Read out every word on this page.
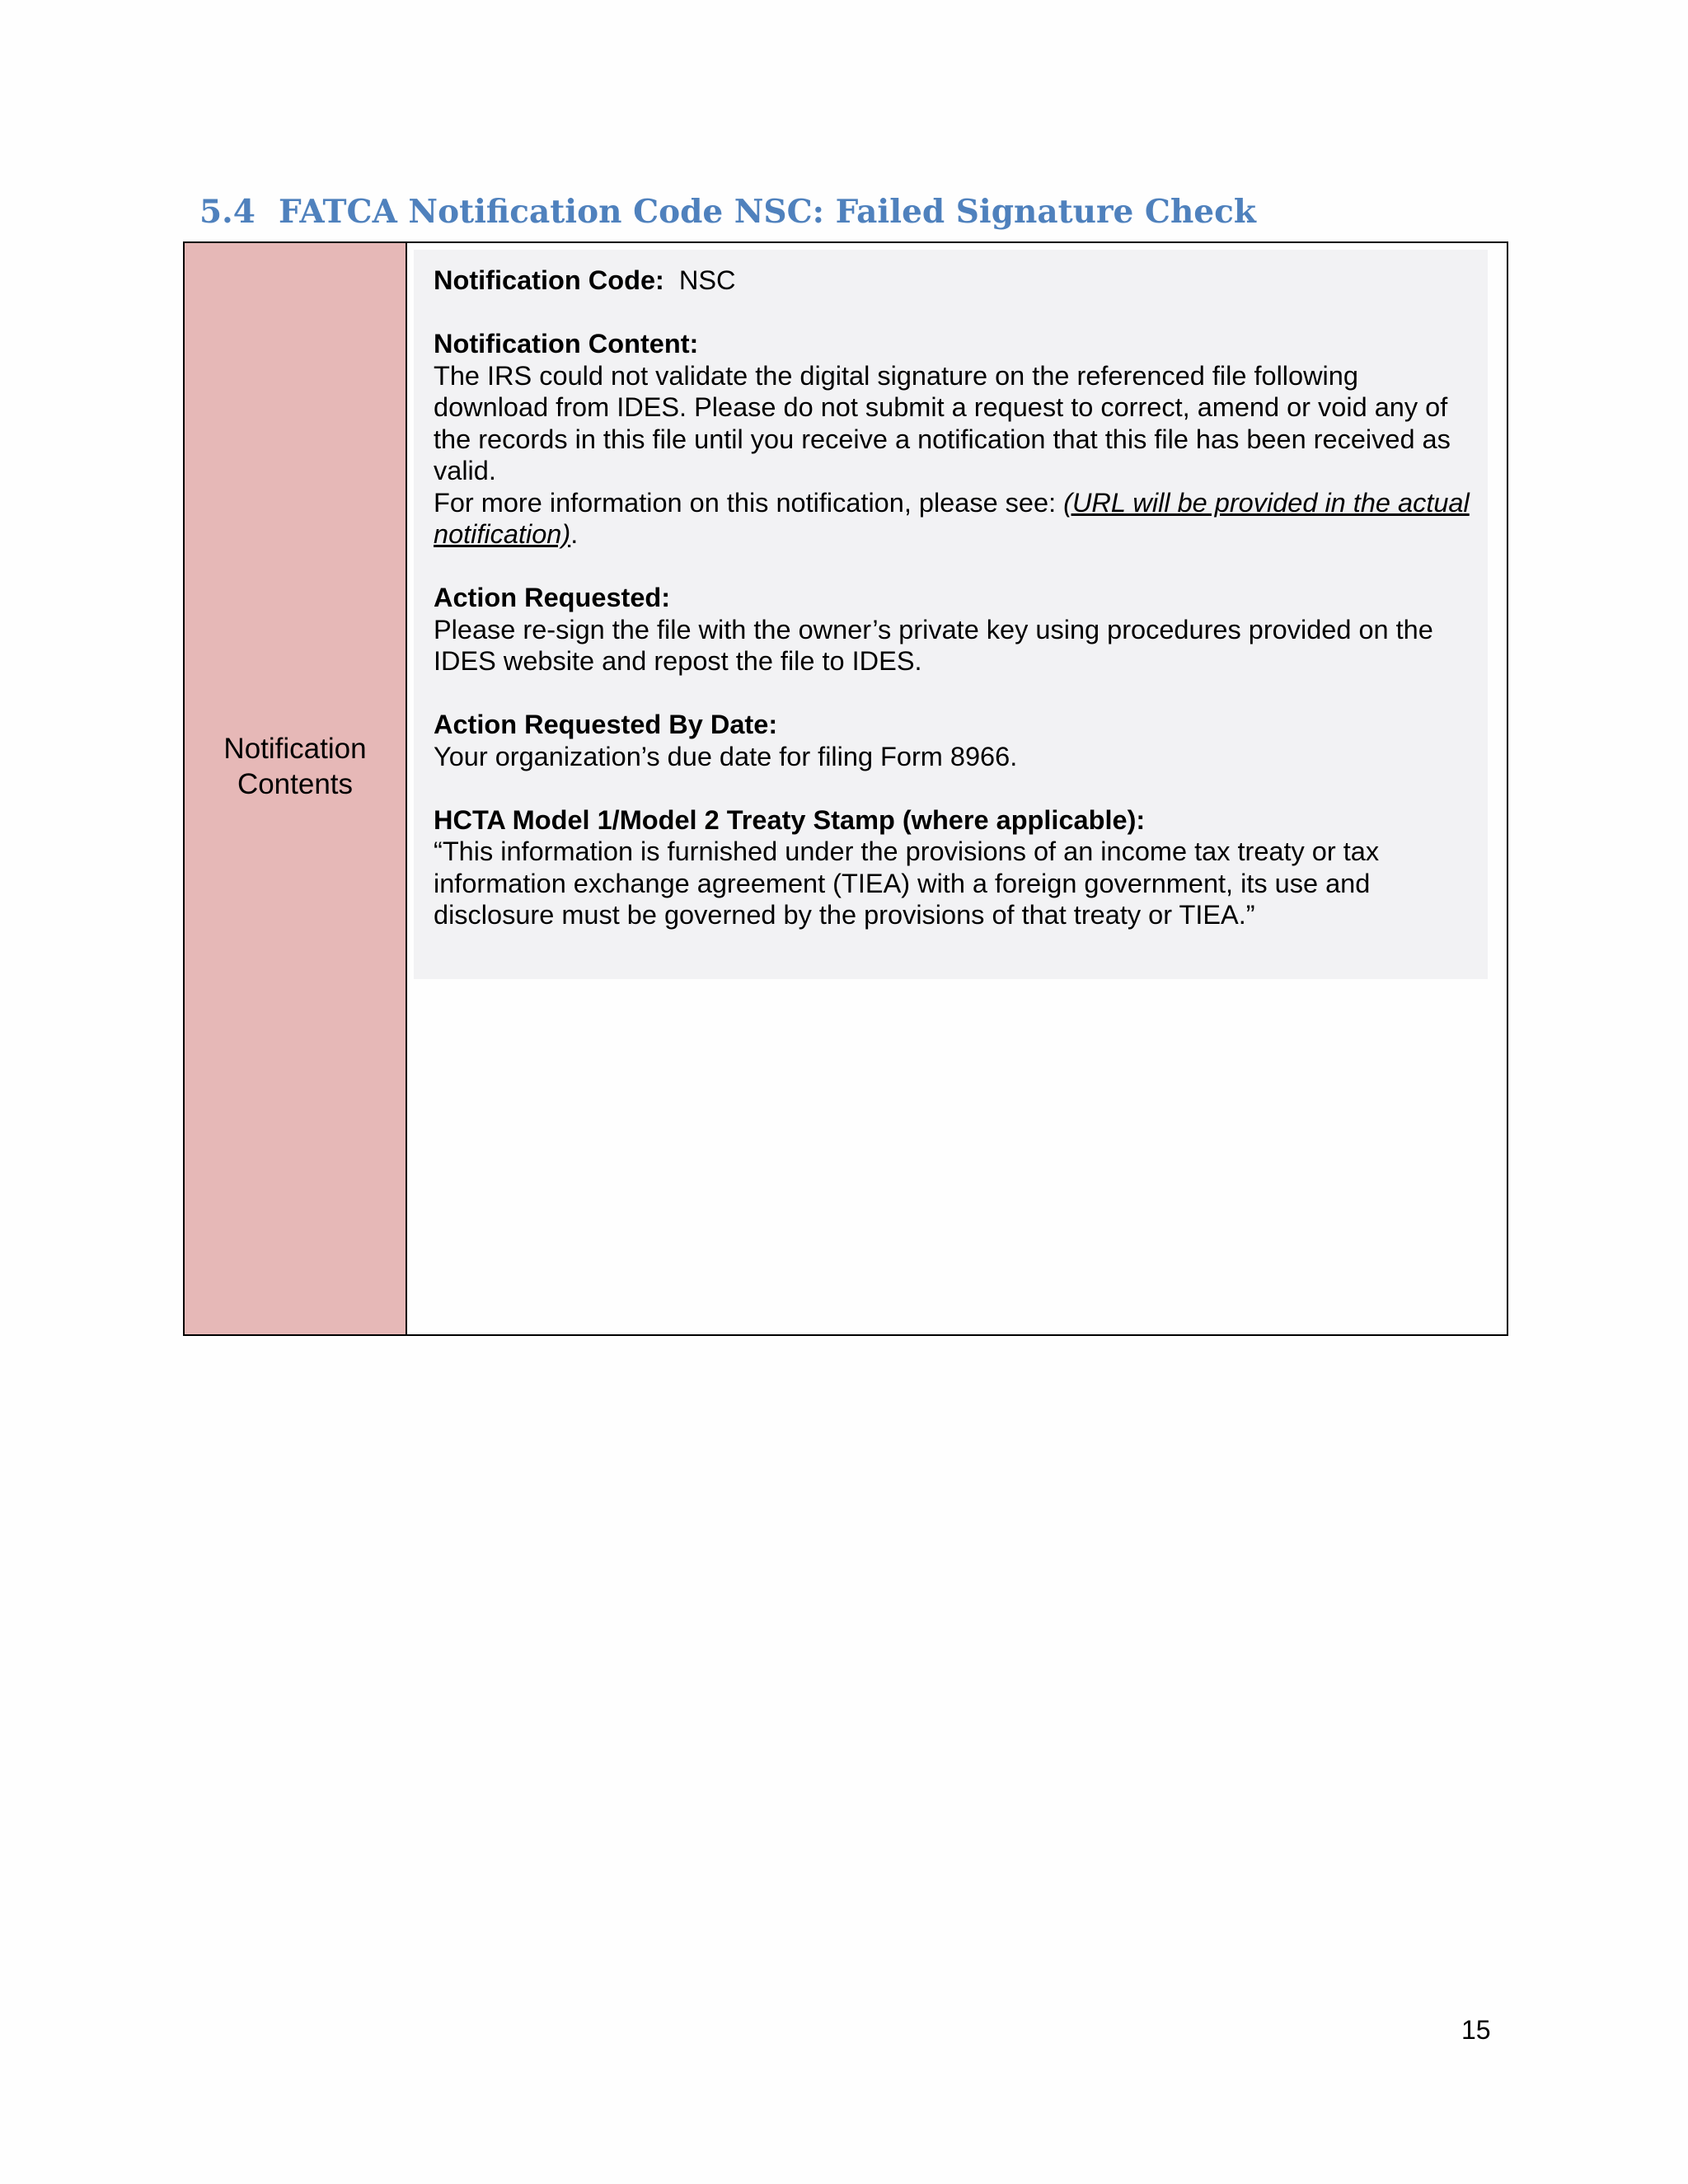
5.4 FATCA Notification Code NSC: Failed Signature Check
Notification
Contents

Notification Code: NSC

Notification Content:
The IRS could not validate the digital signature on the referenced file following download from IDES. Please do not submit a request to correct, amend or void any of the records in this file until you receive a notification that this file has been received as valid.
For more information on this notification, please see: (URL will be provided in the actual notification).

Action Requested:
Please re-sign the file with the owner’s private key using procedures provided on the IDES website and repost the file to IDES.

Action Requested By Date:
Your organization’s due date for filing Form 8966.

HCTA Model 1/Model 2 Treaty Stamp (where applicable):
“This information is furnished under the provisions of an income tax treaty or tax information exchange agreement (TIEA) with a foreign government, its use and disclosure must be governed by the provisions of that treaty or TIEA.”

15
